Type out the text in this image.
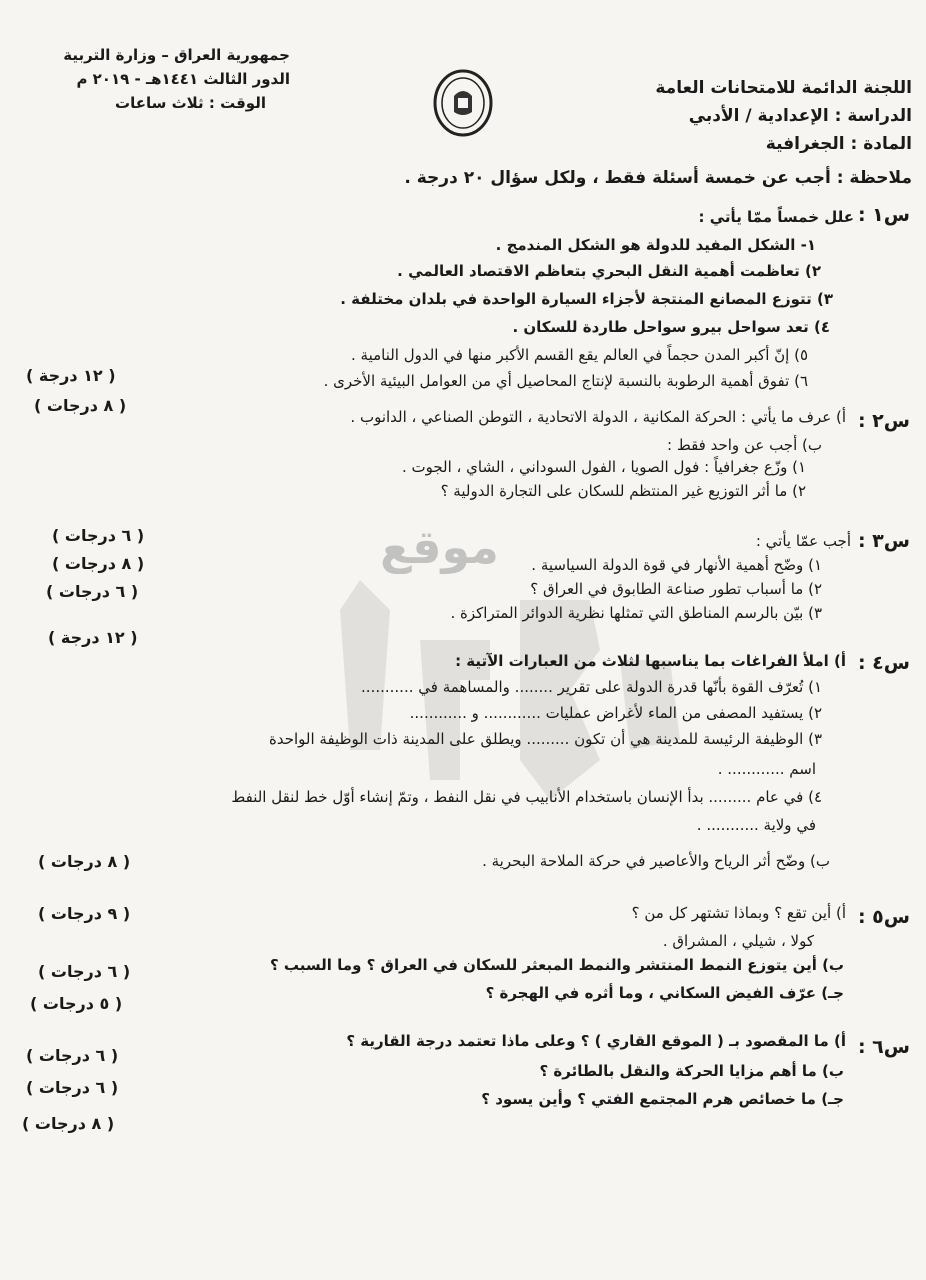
جمهورية العراق – وزارة التربية
الدور الثالث ١٤٤١هـ - ٢٠١٩ م
الوقت : ثلاث ساعات
اللجنة الدائمة للامتحانات العامة
الدراسة : الإعدادية / الأدبي
المادة : الجغرافية
ملاحظة : أجب عن خمسة أسئلة فقط ، ولكل سؤال ٢٠ درجة .
موقع
س١ :
علل خمساً ممّا يأتي :
١- الشكل المفيد للدولة هو الشكل المندمج .
٢) تعاظمت أهمية النقل البحري بتعاظم الاقتصاد العالمي .
٣) تتوزع المصانع المنتجة لأجزاء السيارة الواحدة في بلدان مختلفة .
٤) تعد سواحل بيرو سواحل طاردة للسكان .
٥) إنّ أكبر المدن حجماً في العالم يقع القسم الأكبر منها في الدول النامية .
٦) تفوق أهمية الرطوبة بالنسبة لإنتاج المحاصيل أي من العوامل البيئية الأخرى .
( ١٢ درجة )
( ٨ درجات )
س٢ :
أ) عرف ما يأتي : الحركة المكانية ، الدولة الاتحادية ، التوطن الصناعي ، الدانوب .
ب) أجب عن واحد فقط :
١) وزّع جغرافياً : فول الصويا ، الفول السوداني ، الشاي ، الجوت .
٢) ما أثر التوزيع غير المنتظم للسكان على التجارة الدولية ؟
( ٦ درجات )
( ٨ درجات )
( ٦ درجات )
س٣ :
أجب عمّا يأتي :
١) وضّح أهمية الأنهار في قوة الدولة السياسية .
٢) ما أسباب تطور صناعة الطابوق في العراق ؟
٣) بيّن بالرسم المناطق التي تمثلها نظرية الدوائر المتراكزة .
( ١٢ درجة )
س٤ :
أ) املأ الفراغات بما يناسبها لثلاث من العبارات الآتية :
١) تُعرّف القوة بأنّها قدرة الدولة على تقرير ........ والمساهمة في ...........
٢) يستفيد المصفى من الماء لأغراض عمليات ............ و ............
٣) الوظيفة الرئيسة للمدينة هي أن تكون ......... ويطلق على المدينة ذات الوظيفة الواحدة
اسم ............ .
٤) في عام ......... بدأ الإنسان باستخدام الأنابيب في نقل النفط ، وتمّ إنشاء أوّل خط لنقل النفط
في ولاية ........... .
( ٨ درجات )	ب) وضّح أثر الرياح والأعاصير في حركة الملاحة البحرية .
( ٩ درجات )	س٥ :
أ) أين تقع ؟ وبماذا تشتهر كل من ؟
كولا ، شيلي ، المشراق .
( ٦ درجات )	ب) أين يتوزع النمط المنتشر والنمط المبعثر للسكان في العراق ؟ وما السبب ؟
( ٥ درجات )
جـ) عرّف الفيض السكاني ، وما أثره في الهجرة ؟
( ٦ درجات )	س٦ :
أ) ما المقصود بـ ( الموقع القاري ) ؟ وعلى ماذا تعتمد درجة القارية ؟
( ٦ درجات )
ب) ما أهم مزايا الحركة والنقل بالطائرة ؟
( ٨ درجات )
جـ) ما خصائص هرم المجتمع الفتي ؟ وأين يسود ؟
